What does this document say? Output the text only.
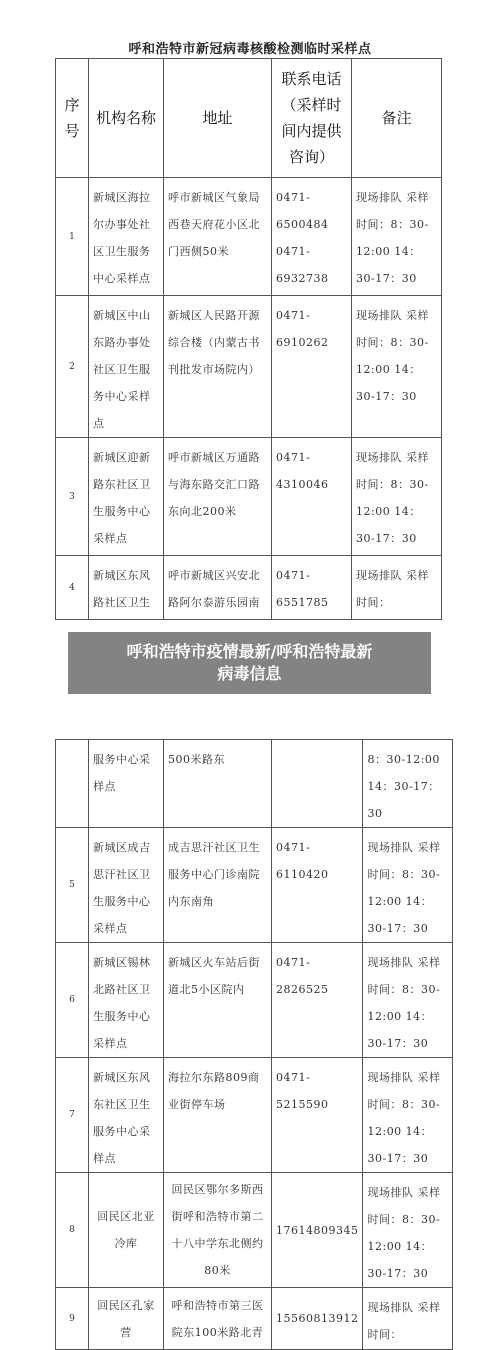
呼和浩特市新冠病毒核酸检测临时采样点
序号	机构名称	地址	联系电话（采样时间内提供咨询）	备注
1	新城区海拉尔办事处社区卫生服务中心采样点	呼市新城区气象局西巷天府花小区北门西侧50米	0471-6500484 0471-6932738	现场排队 采样时间：8：30-12:00 14：30-17：30
2	新城区中山东路办事处社区卫生服务中心采样点	新城区人民路开源综合楼（内蒙古书刊批发市场院内）	0471-6910262	现场排队 采样时间：8：30-12:00 14：30-17：30
3	新城区迎新路东社区卫生服务中心采样点	呼市新城区万通路与海东路交汇口路东向北200米	0471-4310046	现场排队 采样时间：8：30-12:00 14：30-17：30
4	新城区东风路社区卫生	呼市新城区兴安北路阿尔泰游乐园南	0471-6551785	现场排队 采样时间：
呼和浩特市疫情最新/呼和浩特最新
病毒信息
	服务中心采样点	500米路东		8：30-12:00 14：30-17：30
5	新城区成吉思汗社区卫生服务中心采样点	成吉思汗社区卫生服务中心门诊南院内东南角	0471-6110420	现场排队 采样时间：8：30-12:00 14：30-17：30
6	新城区锡林北路社区卫生服务中心采样点	新城区火车站后街道北5小区院内	0471-2826525	现场排队 采样时间：8：30-12:00 14：30-17：30
7	新城区东风东社区卫生服务中心采样点	海拉尔东路809商业街停车场	0471-5215590	现场排队 采样时间：8：30-12:00 14：30-17：30
8	回民区北亚冷库	回民区鄂尔多斯西街呼和浩特市第二十八中学东北侧约80米	17614809345	现场排队 采样时间：8：30-12:00 14：30-17：30
9	回民区孔家营	呼和浩特市第三医院东100米路北青	15560813912	现场排队 采样时间：
